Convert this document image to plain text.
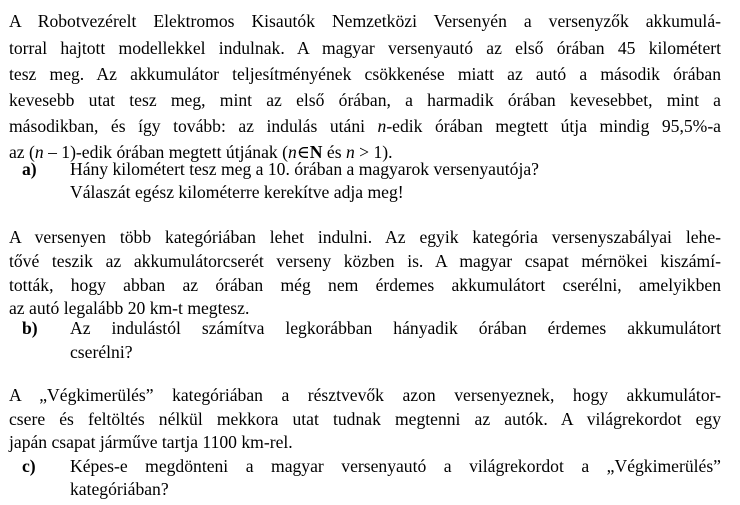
A Robotvezérelt Elektromos Kisautók Nemzetközi Versenyén a versenyzők akkumulá-
torral hajtott modellekkel indulnak. A magyar versenyautó az első órában 45 kilométert
tesz meg. Az akkumulátor teljesítményének csökkenése miatt az autó a második órában
kevesebb utat tesz meg, mint az első órában, a harmadik órában kevesebbet, mint a
másodikban, és így tovább: az indulás utáni n-edik órában megtett útja mindig 95,5%-a
az (n – 1)-edik órában megtett útjának (n∈N és n > 1).
a) Hány kilométert tesz meg a 10. órában a magyarok versenyautója?
Válaszát egész kilométerre kerekítve adja meg!
A versenyen több kategóriában lehet indulni. Az egyik kategória versenyszabályai lehe-
tővé teszik az akkumulátorcserét verseny közben is. A magyar csapat mérnökei kiszámí-
tották, hogy abban az órában még nem érdemes akkumulátort cserélni, amelyikben
az autó legalább 20 km-t megtesz.
b) Az indulástól számítva legkorábban hányadik órában érdemes akkumulátort
cserélni?
A „Végkimerülés” kategóriában a résztvevők azon versenyeznek, hogy akkumulátor-
csere és feltöltés nélkül mekkora utat tudnak megtenni az autók. A világrekordot egy
japán csapat járműve tartja 1100 km-rel.
c) Képes-e megdönteni a magyar versenyautó a világrekordot a „Végkimerülés”
kategóriában?
